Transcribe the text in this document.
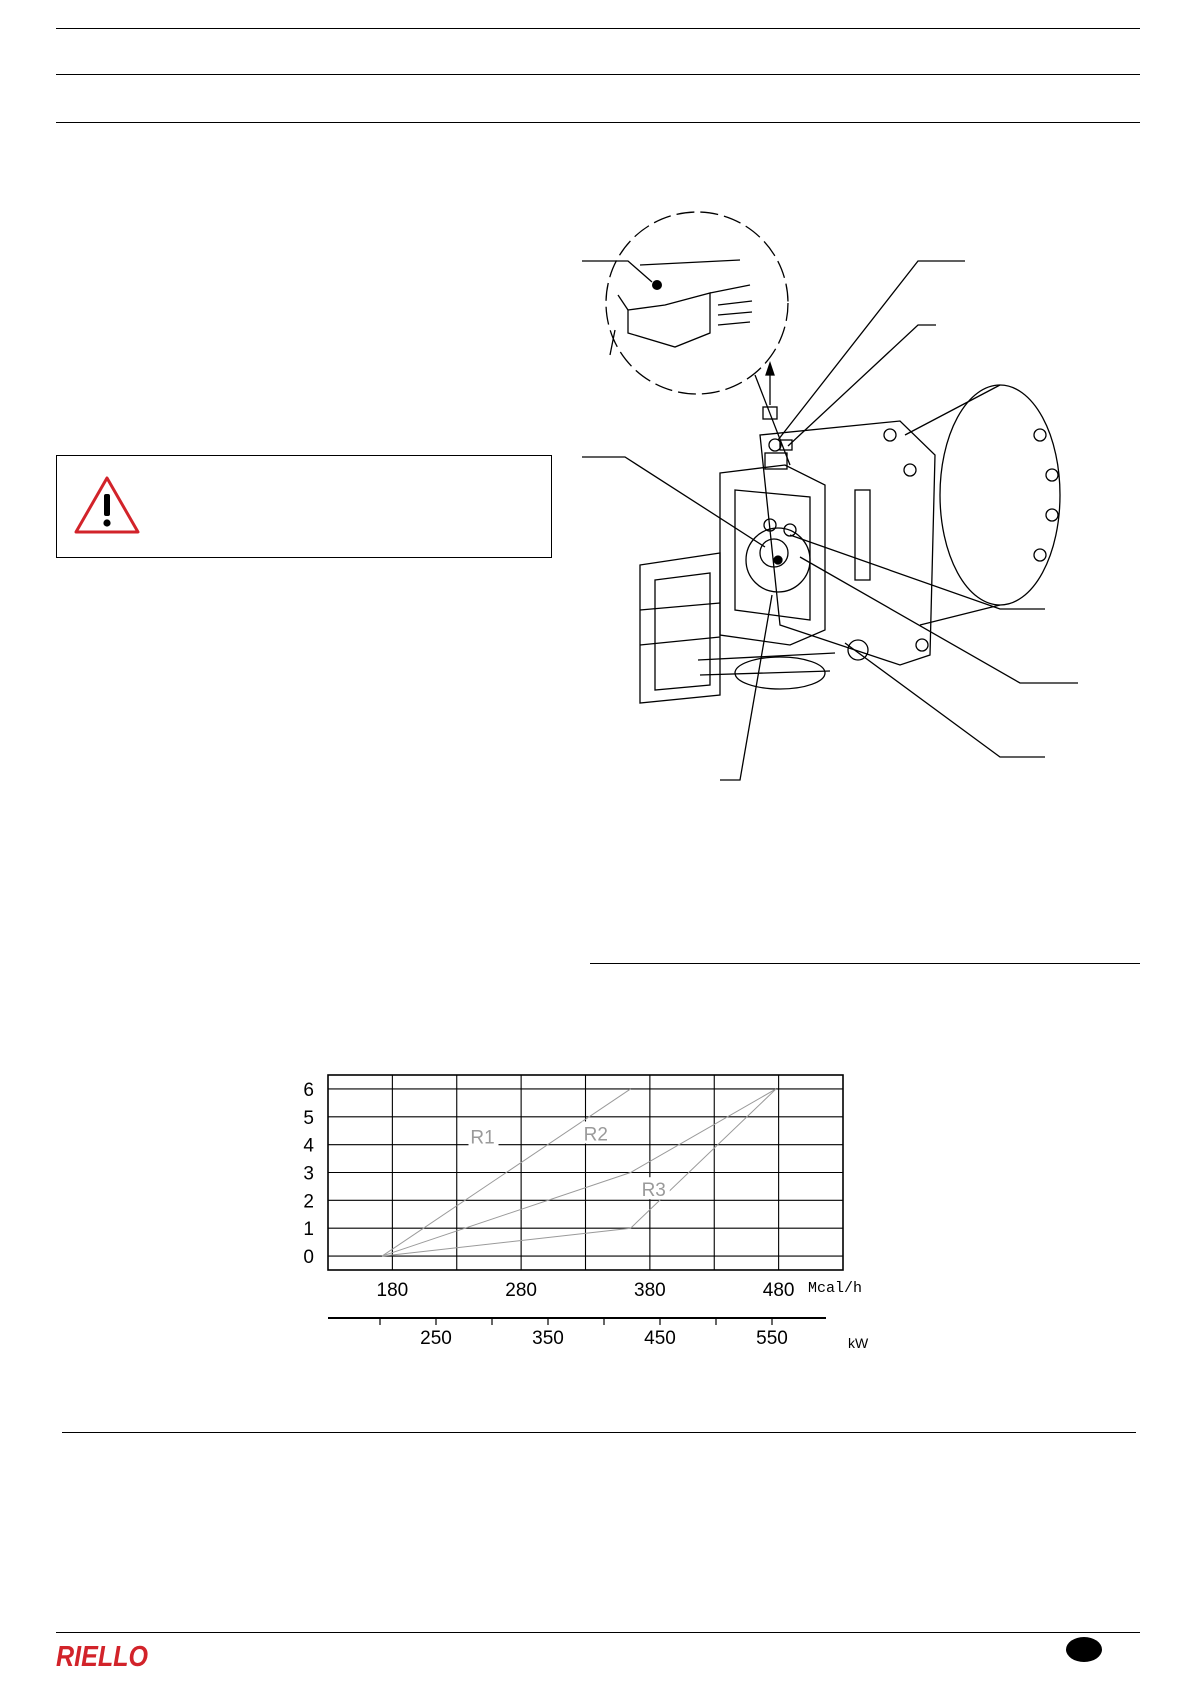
0
1
2
3
4
5
6
180	280	380	480 Mcal/h
250	350	450	550	kW
R1	R2
R3
RIELLO
